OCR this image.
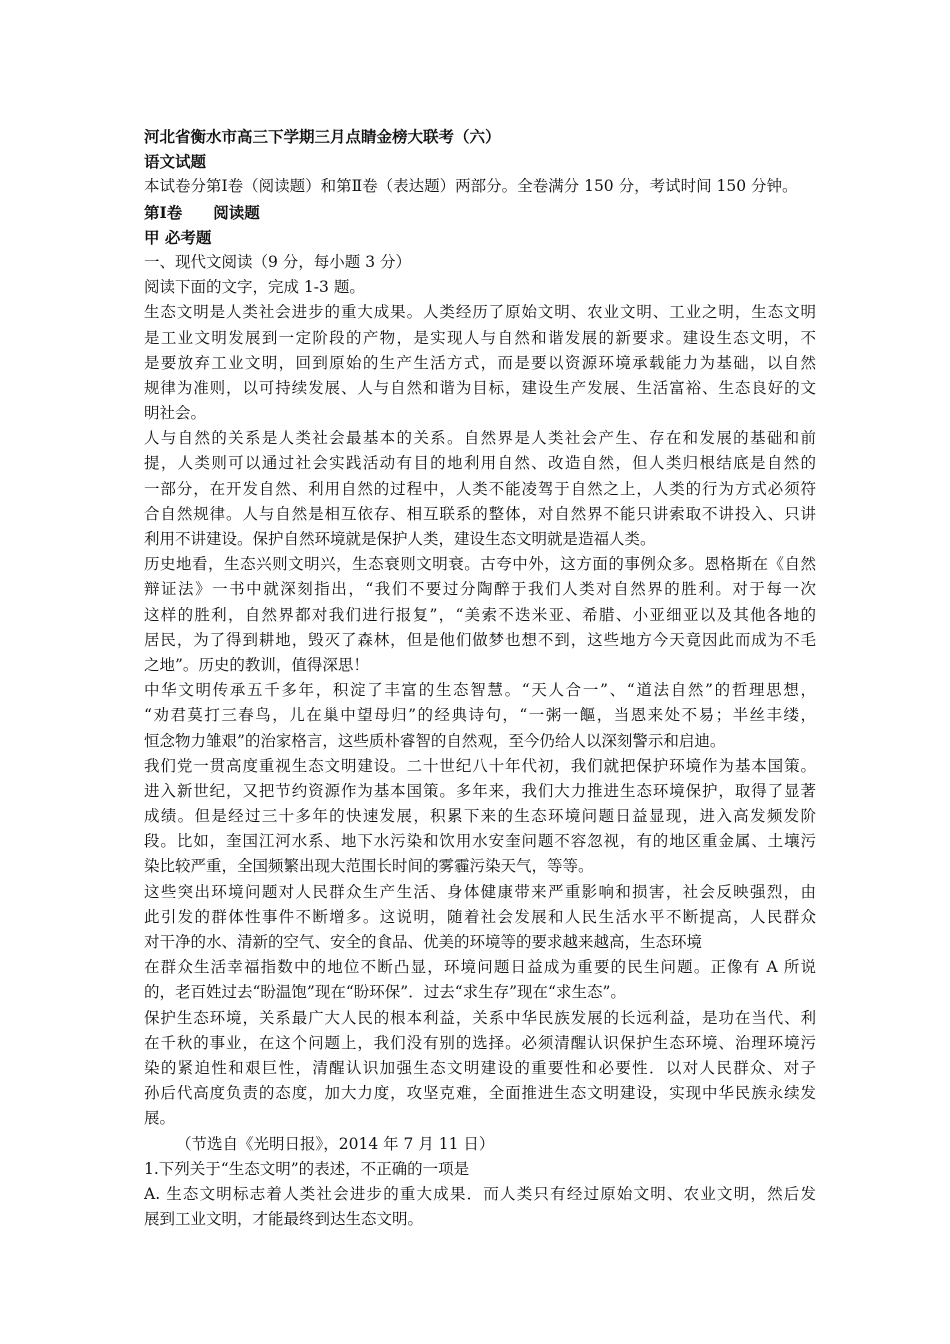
河北省衡水市高三下学期三月点睛金榜大联考（六）
语文试题
本试卷分第Ⅰ卷（阅读题）和第Ⅱ卷（表达题）两部分。全卷满分 150 分，考试时间 150 分钟。
第Ⅰ卷　　阅读题
甲 必考题
一、现代文阅读（9 分，每小题 3 分）
阅读下面的文字，完成 1-3 题。
生态文明是人类社会进步的重大成果。人类经历了原始文明、农业文明、工业之明，生态文明
是工业文明发展到一定阶段的产物，是实现人与自然和谐发展的新要求。建设生态文明，不
是要放弃工业文明，回到原始的生产生活方式，而是要以资源环境承载能力为基础，以自然
规律为准则，以可持续发展、人与自然和谐为目标，建设生产发展、生活富裕、生态良好的文
明社会。
人与自然的关系是人类社会最基本的关系。自然界是人类社会产生、存在和发展的基础和前
提，人类则可以通过社会实践活动有目的地利用自然、改造自然，但人类归根结底是自然的
一部分，在开发自然、利用自然的过程中，人类不能凌驾于自然之上，人类的行为方式必须符
合自然规律。人与自然是相互依存、相互联系的整体，对自然界不能只讲索取不讲投入、只讲
利用不讲建设。保护自然环境就是保护人类，建设生态文明就是造福人类。
历史地看，生态兴则文明兴，生态衰则文明衰。古夸中外，这方面的事例众多。恩格斯在《自然
辩证法》一书中就深刻指出，“我们不要过分陶醉于我们人类对自然界的胜利。对于每一次
这样的胜利，自然界都对我们进行报复”，“美索不迭米亚、希腊、小亚细亚以及其他各地的
居民，为了得到耕地，毁灭了森林，但是他们做梦也想不到，这些地方今天竟因此而成为不毛
之地”。历史的教训，值得深思！
中华文明传承五千多年，积淀了丰富的生态智慧。“天人合一”、“道法自然”的哲理思想，
“劝君莫打三春鸟，儿在巢中望母归”的经典诗句，“一粥一饇，当恩来处不易；半丝丰缕，
恒念物力雏艰”的治家格言，这些质朴睿智的自然观，至今仍给人以深刻警示和启迪。
我们党一贯高度重视生态文明建设。二十世纪八十年代初，我们就把保护环境作为基本国策。
进入新世纪，又把节约资源作为基本国策。多年来，我们大力推进生态环境保护，取得了显著
成绩。但是经过三十多年的快速发展，积累下来的生态环境问题日益显现，进入高发频发阶
段。比如，奎国江河水系、地下水污染和饮用水安奎问题不容忽视，有的地区重金属、土壤污
染比较严重，全国频繁出现大范围长时间的雾霾污染天气，等等。
这些突出环境问题对人民群众生产生活、身体健康带来严重影响和损害，社会反映强烈，由
此引发的群体性事件不断增多。这说明，随着社会发展和人民生活水平不断提高，人民群众
对干净的水、清新的空气、安全的食品、优美的环境等的要求越来越高，生态环境
在群众生活幸福指数中的地位不断凸显，环境问题日益成为重要的民生问题。正像有 A 所说
的，老百姓过去“盼温饱”现在“盼环保”．过去“求生存”现在“求生态”。
保护生态环境，关系最广大人民的根本利益，关系中华民族发展的长远利益，是功在当代、利
在千秋的事业，在这个问题上，我们没有别的选择。必须清醒认识保护生态环境、治理环境污
染的紧迫性和艰巨性，清醒认识加强生态文明建设的重要性和必要性．以对人民群众、对子
孙后代高度负责的态度，加大力度，攻坚克难，全面推进生态文明建设，实现中华民族永续发
展。
（节选自《光明日报》，2014 年 7 月 11 日）
1.下列关于“生态文明”的表述，不正确的一项是
A. 生态文明标志着人类社会进步的重大成果．而人类只有经过原始文明、农业文明，然后发
展到工业文明，才能最终到达生态文明。
